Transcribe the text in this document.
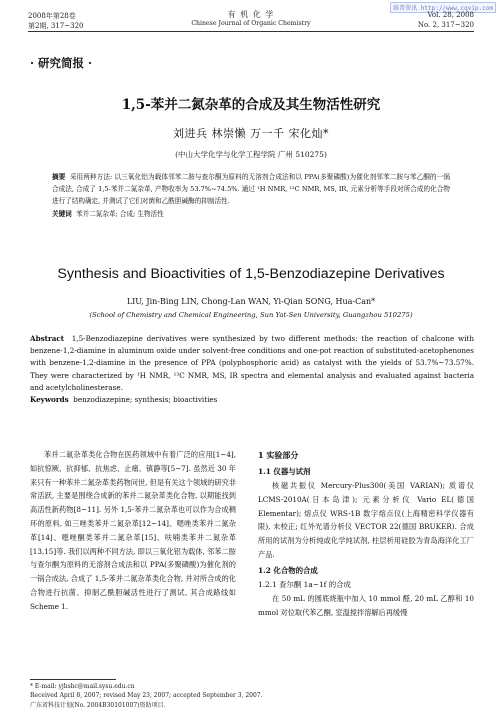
维普资讯 http://www.cqvip.com
2008年第28卷
第2期, 317~320
有 机 化 学
Chinese Journal of Organic Chemistry
Vol. 28, 2008
No. 2, 317~320
· 研究简报 ·
1,5-苯并二氮杂革的合成及其生物活性研究
刘进兵 林崇懒 万一千 宋化灿*
(中山大学化学与化学工程学院 广州 510275)
摘要 采用两种方法: 以三氧化铝为载体邻苯二胺与查尔酮为原料的无溶剂合成法和以 PPA(多聚磷酸)为催化剂邻苯二胺与苯乙酮的一锅合成法, 合成了 1,5-苯并二氮杂革, 产物收率为 53.7%~74.5%. 通过 ¹H NMR, ¹³C NMR, MS, IR, 元素分析等手段对所合成的化合物进行了结构确定, 并测试了它们对菌和乙酰胆碱酶的抑制活性.
关键词 苯并二氮杂革; 合成; 生物活性
Synthesis and Bioactivities of 1,5-Benzodiazepine Derivatives
LIU, Jin-Bing LIN, Chong-Lan WAN, Yi-Qian SONG, Hua-Can*
(School of Chemistry and Chemical Engineering, Sun Yat-Sen University, Guangzhou 510275)
Abstract 1,5-Benzodiazepine derivatives were synthesized by two different methods: the reaction of chalcone with benzene-1,2-diamine in aluminum oxide under solvent-free conditions and one-pot reaction of substituted-acetophenones with benzene-1,2-diamine in the presence of PPA (polyphosphoric acid) as catalyst with the yields of 53.7%~73.57%. They were characterized by ¹H NMR, ¹³C NMR, MS, IR spectra and elemental analysis and evaluated against bacteria and acetylcholinesterase.
Keywords benzodiazepine; synthesis; bioactivities
苯并二氮杂革类化合物在医药领域中有着广泛的应用[1~4], 如抗惊厥、抗抑郁、抗焦虑、止痛、镇静等[5~7]. 虽然近 30 年来只有一种苯并二氮杂革类药物问世, 但是有关这个领域的研究非常活跃, 主要是围绕合成新的苯并二氮杂革类化合物, 以期能找到高活性新药物[8~11]. 另外 1,5-苯并二氮杂革也可以作为合成稠环的原料, 如三唑类苯并二氮杂革[12~14]、嗯唑类苯并二氮杂革[14]、噁唑酮类苯并二氮杂革[15]、呋喃类苯并二氮杂革[13,15]等. 我们以两种不同方法, 即以三氧化铝为载体, 邻苯二胺与查尔酮为原料的无溶剂合成法和以 PPA(多聚磷酸)为催化剂的一锅合成法, 合成了 1,5-苯并二氮杂革类化合物, 并对所合成的化合物进行抗菌、抑制乙酰胆碱活性进行了测试, 其合成路线如 Scheme 1.
1 实验部分
1.1 仪器与试剂
核磁共振仪 Mercury-Plus300(美国 VARIAN); 质谱仪 LCMS-2010A(日本岛津); 元素分析仪 Vario EL(德国 Elementar); 熔点仪 WRS-1B 数字熔点仪(上海精密科学仪器有限), 未校正; 红外光谱分析仪 VECTOR 22(德国 BRUKER). 合成所用的试剂为分析纯或化学纯试剂, 柱层析用硅胶为青岛海洋化工厂产品.
1.2 化合物的合成
1.2.1 查尔酮 1a~1f 的合成
在 50 mL 的圆底烧瓶中加入 10 mmol 醛, 20 mL 乙醇和 10 mmol 对位取代苯乙酮, 室温搅拌溶解后再缓慢
* E-mail: yjhshc@mail.sysu.edu.cn
Received April 8, 2007; revised May 23, 2007; accepted September 3, 2007.
广东省科技计划(No. 2004B30101007)资助项目.
